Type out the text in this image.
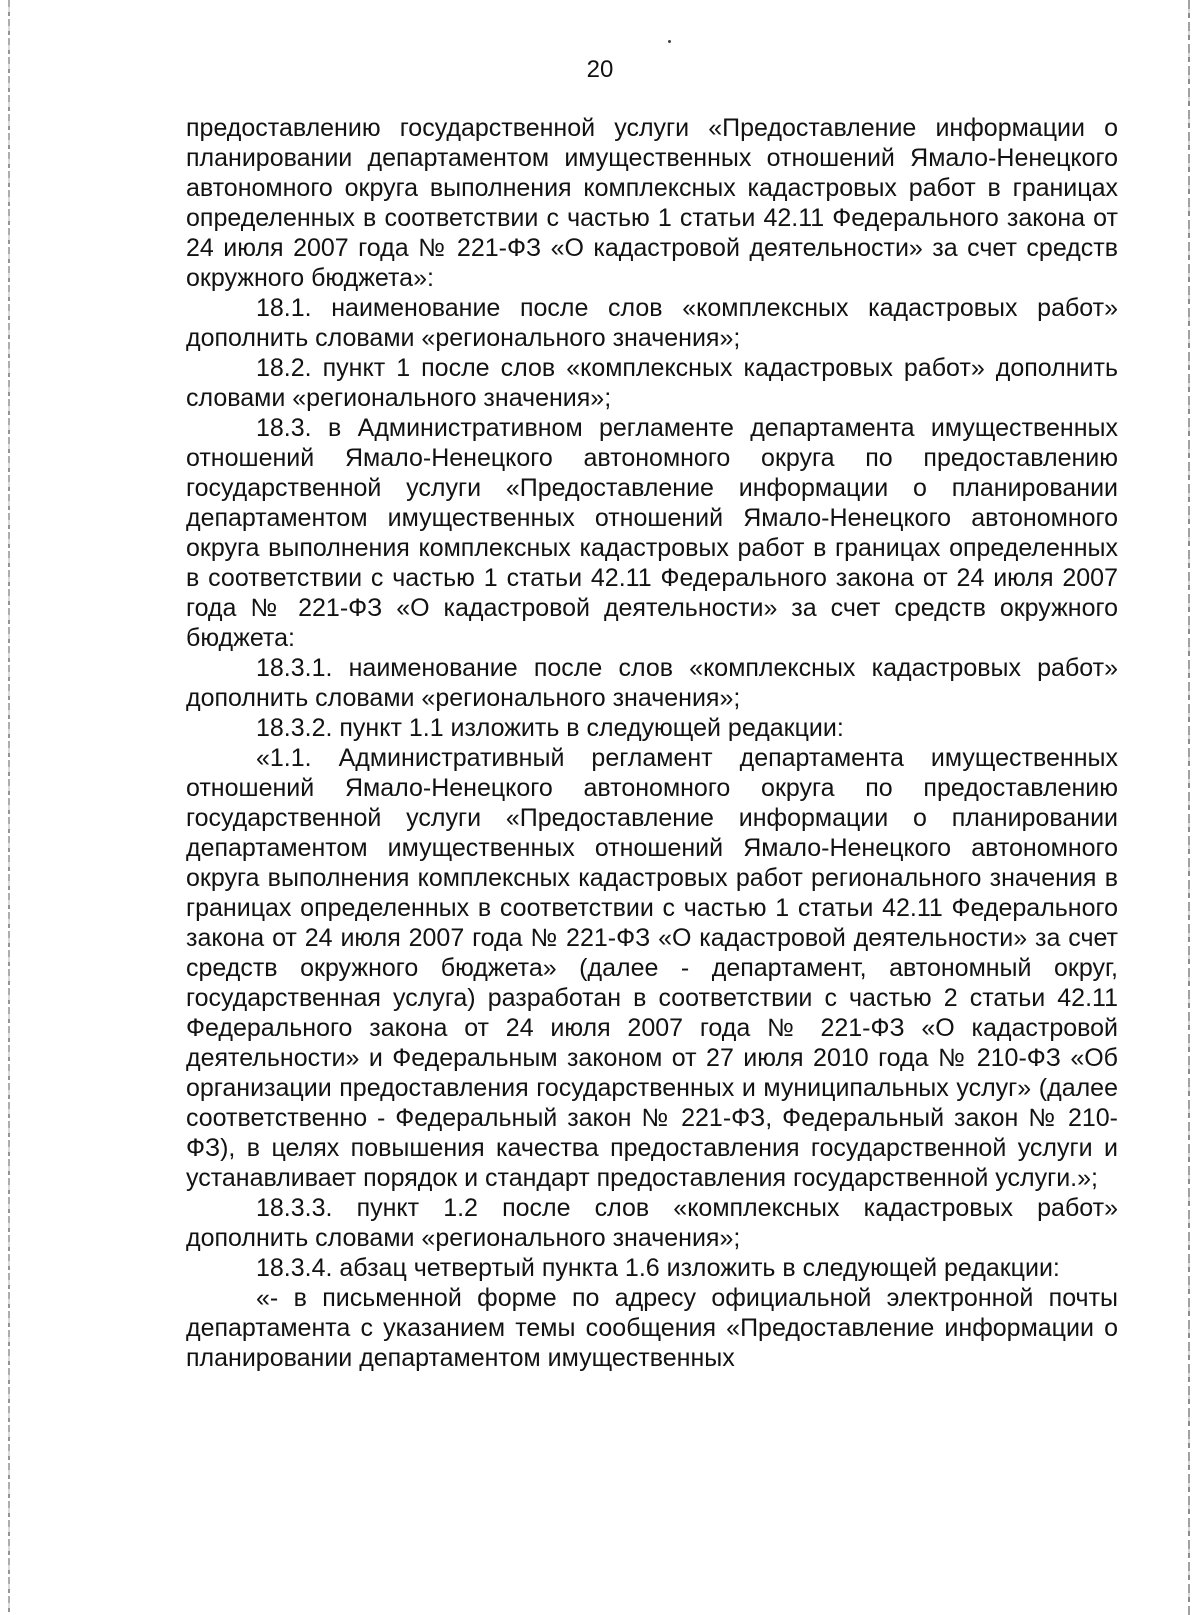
20

предоставлению государственной услуги «Предоставление информации о планировании департаментом имущественных отношений Ямало-Ненецкого автономного округа выполнения комплексных кадастровых работ в границах определенных в соответствии с частью 1 статьи 42.11 Федерального закона от 24 июля 2007 года № 221-ФЗ «О кадастровой деятельности» за счет средств окружного бюджета»:

18.1. наименование после слов «комплексных кадастровых работ» дополнить словами «регионального значения»;

18.2. пункт 1 после слов «комплексных кадастровых работ» дополнить словами «регионального значения»;

18.3. в Административном регламенте департамента имущественных отношений Ямало-Ненецкого автономного округа по предоставлению государственной услуги «Предоставление информации о планировании департаментом имущественных отношений Ямало-Ненецкого автономного округа выполнения комплексных кадастровых работ в границах определенных в соответствии с частью 1 статьи 42.11 Федерального закона от 24 июля 2007 года № 221-ФЗ «О кадастровой деятельности» за счет средств окружного бюджета:

18.3.1. наименование после слов «комплексных кадастровых работ» дополнить словами «регионального значения»;

18.3.2. пункт 1.1 изложить в следующей редакции:

«1.1. Административный регламент департамента имущественных отношений Ямало-Ненецкого автономного округа по предоставлению государственной услуги «Предоставление информации о планировании департаментом имущественных отношений Ямало-Ненецкого автономного округа выполнения комплексных кадастровых работ регионального значения в границах определенных в соответствии с частью 1 статьи 42.11 Федерального закона от 24 июля 2007 года № 221-ФЗ «О кадастровой деятельности» за счет средств окружного бюджета» (далее - департамент, автономный округ, государственная услуга) разработан в соответствии с частью 2 статьи 42.11 Федерального закона от 24 июля 2007 года № 221-ФЗ «О кадастровой деятельности» и Федеральным законом от 27 июля 2010 года № 210-ФЗ «Об организации предоставления государственных и муниципальных услуг» (далее соответственно - Федеральный закон № 221-ФЗ, Федеральный закон № 210-ФЗ), в целях повышения качества предоставления государственной услуги и устанавливает порядок и стандарт предоставления государственной услуги.»;

18.3.3. пункт 1.2 после слов «комплексных кадастровых работ» дополнить словами «регионального значения»;

18.3.4. абзац четвертый пункта 1.6 изложить в следующей редакции:

«- в письменной форме по адресу официальной электронной почты департамента с указанием темы сообщения «Предоставление информации о планировании департаментом имущественных
